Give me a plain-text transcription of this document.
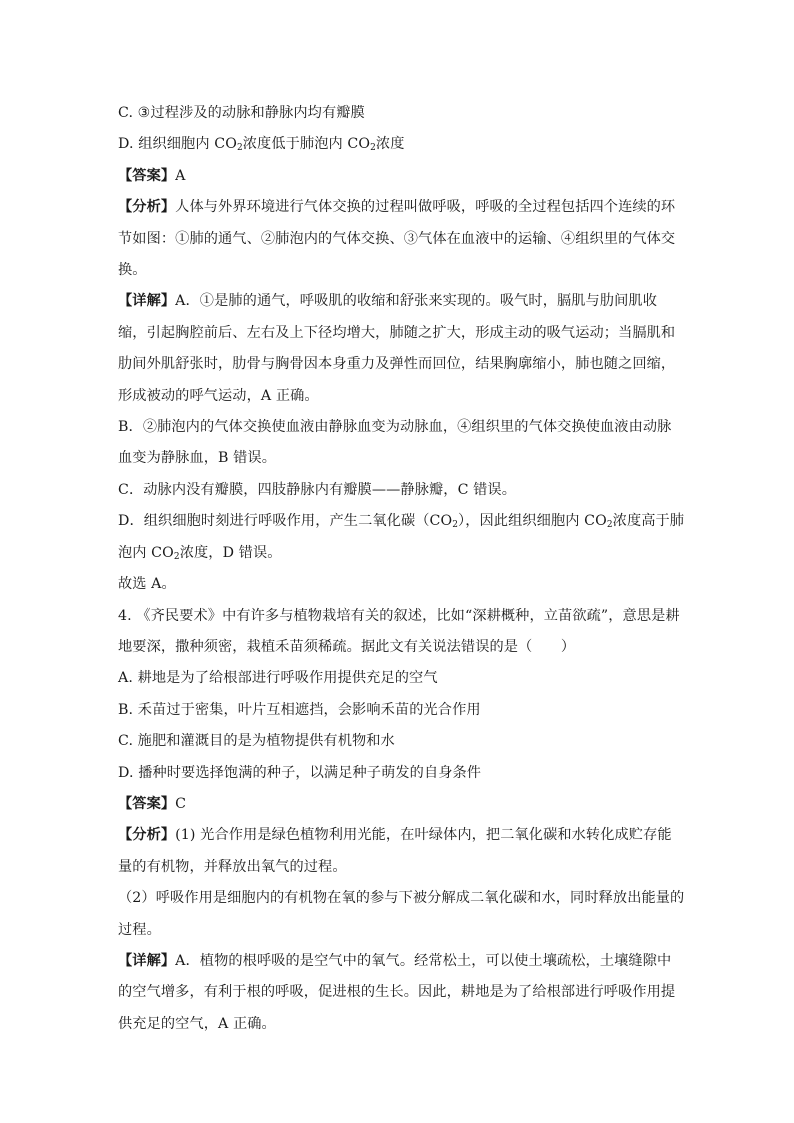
C. ③过程涉及的动脉和静脉内均有瓣膜
D. 组织细胞内 $CO_2$浓度低于肺泡内 $CO_2$浓度
【答案】A
【分析】人体与外界环境进行气体交换的过程叫做呼吸，呼吸的全过程包括四个连续的环
节如图：①肺的通气、②肺泡内的气体交换、③气体在血液中的运输、④组织里的气体交
换。
【详解】A．①是肺的通气，呼吸肌的收缩和舒张来实现的。吸气时，膈肌与肋间肌收
缩，引起胸腔前后、左右及上下径均增大，肺随之扩大，形成主动的吸气运动；当膈肌和
肋间外肌舒张时，肋骨与胸骨因本身重力及弹性而回位，结果胸廓缩小，肺也随之回缩，
形成被动的呼气运动，A 正确。
B．②肺泡内的气体交换使血液由静脉血变为动脉血，④组织里的气体交换使血液由动脉
血变为静脉血，B 错误。
C．动脉内没有瓣膜，四肢静脉内有瓣膜——静脉瓣，C 错误。
D．组织细胞时刻进行呼吸作用，产生二氧化碳$(CO_2)$，因此组织细胞内 $CO_2$浓度高于肺
泡内 $CO_2$浓度，D 错误。
故选 A。
4. 《齐民要术》中有许多与植物栽培有关的叙述，比如“深耕概种，立苗欲疏”，意思是耕
地要深，撒种须密，栽植禾苗须稀疏。据此文有关说法错误的是（　　）
A. 耕地是为了给根部进行呼吸作用提供充足的空气
B. 禾苗过于密集，叶片互相遮挡，会影响禾苗的光合作用
C. 施肥和灌溉目的是为植物提供有机物和水
D. 播种时要选择饱满的种子，以满足种子萌发的自身条件
【答案】C
【分析】(1) 光合作用是绿色植物利用光能，在叶绿体内，把二氧化碳和水转化成贮存能
量的有机物，并释放出氧气的过程。
（2）呼吸作用是细胞内的有机物在氧的参与下被分解成二氧化碳和水，同时释放出能量的
过程。
【详解】A．植物的根呼吸的是空气中的氧气。经常松土，可以使土壤疏松，土壤缝隙中
的空气增多，有利于根的呼吸，促进根的生长。因此，耕地是为了给根部进行呼吸作用提
供充足的空气，A 正确。
